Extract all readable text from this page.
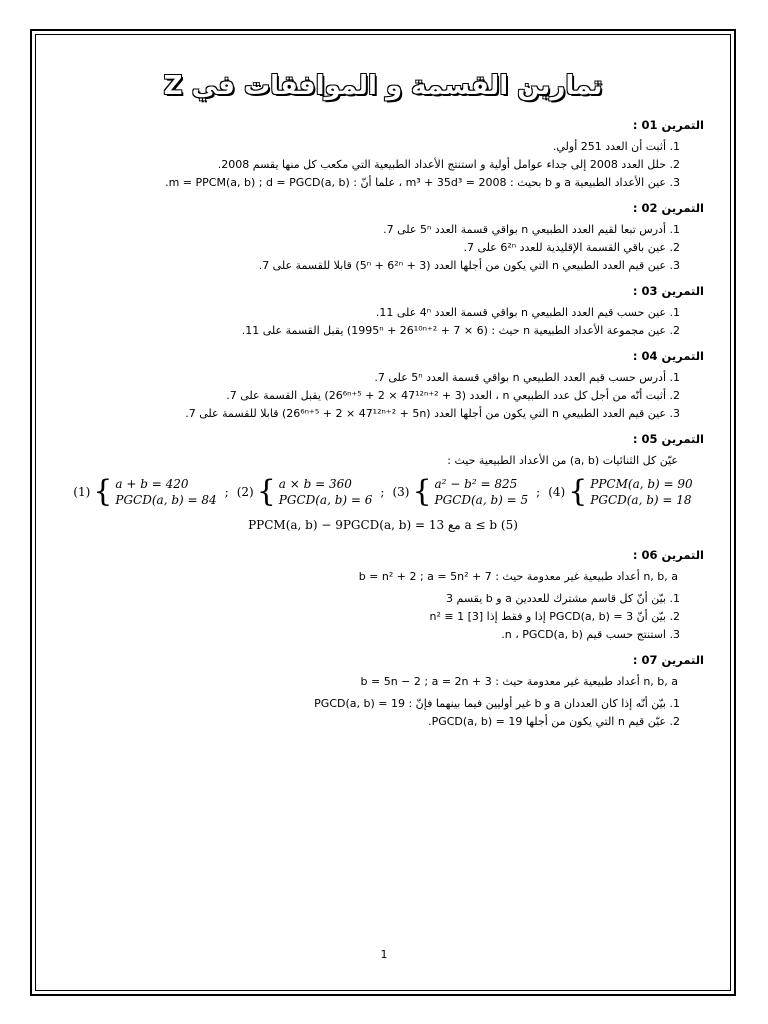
تمارين القسمة و الموافقات في Z
التمرين 01 :
1. أثبت أن العدد 251 أولي.
2. حلل العدد 2008 إلى جداء عوامل أولية و استنتج الأعداد الطبيعية التي مكعب كل منها يقسم 2008.
3. عين الأعداد الطبيعية a و b بحيث : m³ + 35d³ = 2008 ، علما أنّ : m = PPCM(a, b) ; d = PGCD(a, b).
التمرين 02 :
1. أدرس تبعا لقيم العدد الطبيعي n بواقي قسمة العدد 5ⁿ على 7.
2. عين باقي القسمة الإقليدية للعدد 6²ⁿ على 7.
3. عين قيم العدد الطبيعي n التي يكون من أجلها العدد (5ⁿ + 6²ⁿ + 3) قابلا للقسمة على 7.
التمرين 03 :
1. عين حسب قيم العدد الطبيعي n بواقي قسمة العدد 4ⁿ على 11.
2. عين مجموعة الأعداد الطبيعية n حيث : (6 × 1995ⁿ + 26¹⁰ⁿ⁺² + 7) يقبل القسمة على 11.
التمرين 04 :
1. أدرس حسب قيم العدد الطبيعي n بواقي قسمة العدد 5ⁿ على 7.
2. أثبت أنّه من أجل كل عدد الطبيعي n ، العدد (26⁶ⁿ⁺⁵ + 2 × 47¹²ⁿ⁺² + 3) يقبل القسمة على 7.
3. عين قيم العدد الطبيعي n التي يكون من أجلها العدد (26⁶ⁿ⁺⁵ + 2 × 47¹²ⁿ⁺² + 5n) قابلا للقسمة على 7.
التمرين 05 :
عيّن كل الثنائيات (a, b) من الأعداد الطبيعية حيث :
(1) { a + b = 420
PGCD(a, b) = 84
; (2) { a × b = 360
PGCD(a, b) = 6
; (3) { a² − b² = 825
PGCD(a, b) = 5
; (4) { PPCM(a, b) = 90
PGCD(a, b) = 18
(5) a ≤ b مع PPCM(a, b) − 9PGCD(a, b) = 13
التمرين 06 :
n, b, a أعداد طبيعية غير معدومة حيث : b = n² + 2 ; a = 5n² + 7
1. بيّن أنّ كل قاسم مشترك للعددين a و b يقسم 3
2. بيّن أنّ PGCD(a, b) = 3 إذا و فقط إذا n² ≡ 1 [3]
3. استنتج حسب قيم n ، PGCD(a, b).
التمرين 07 :
n, b, a أعداد طبيعية غير معدومة حيث : b = 5n − 2 ; a = 2n + 3
1. بيّن أنّه إذا كان العددان a و b غير أوليين فيما بينهما فإنّ : PGCD(a, b) = 19
2. عيّن قيم n التي يكون من أجلها PGCD(a, b) = 19.
1
